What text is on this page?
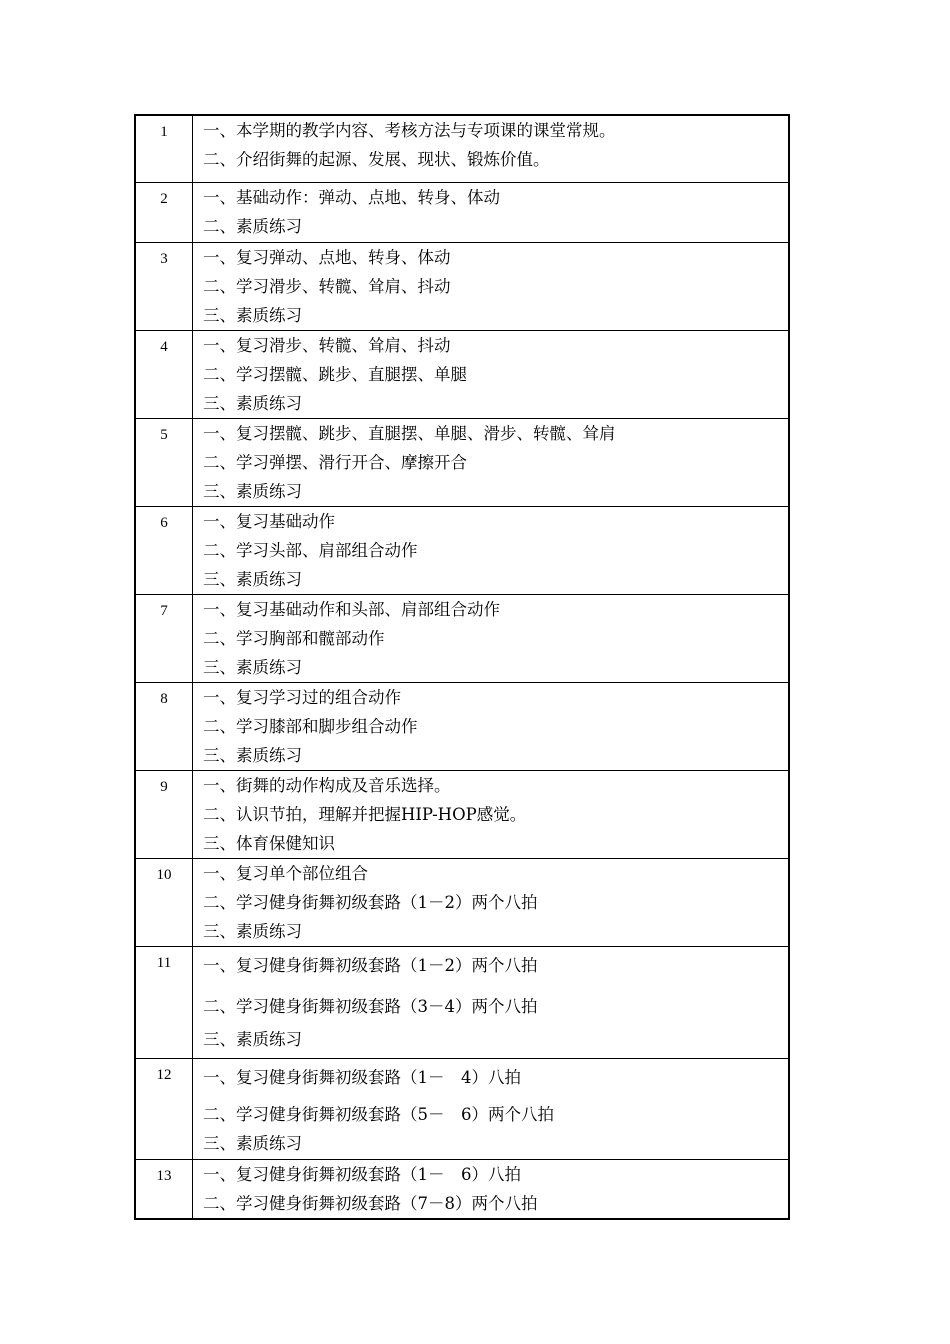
1	一、本学期的教学内容、考核方法与专项课的课堂常规。
二、介绍街舞的起源、发展、现状、锻炼价值。

2	一、基础动作：弹动、点地、转身、体动
二、素质练习

3	一、复习弹动、点地、转身、体动
二、学习滑步、转髋、耸肩、抖动
三、素质练习

4	一、复习滑步、转髋、耸肩、抖动
二、学习摆髋、跳步、直腿摆、单腿
三、素质练习

5	一、复习摆髋、跳步、直腿摆、单腿、滑步、转髋、耸肩
二、学习弹摆、滑行开合、摩擦开合
三、素质练习

6	一、复习基础动作
二、学习头部、肩部组合动作
三、素质练习

7	一、复习基础动作和头部、肩部组合动作
二、学习胸部和髋部动作
三、素质练习

8	一、复习学习过的组合动作
二、学习膝部和脚步组合动作
三、素质练习

9	一、街舞的动作构成及音乐选择。
二、认识节拍，理解并把握HIP-HOP感觉。
三、体育保健知识

10	一、复习单个部位组合
二、学习健身街舞初级套路（1－2）两个八拍
三、素质练习

11	一、复习健身街舞初级套路（1－2）两个八拍
二、学习健身街舞初级套路（3－4）两个八拍
三、素质练习

12	一、复习健身街舞初级套路（1－　4）八拍
二、学习健身街舞初级套路（5－　6）两个八拍
三、素质练习

13	一、复习健身街舞初级套路（1－　6）八拍
二、学习健身街舞初级套路（7－8）两个八拍
